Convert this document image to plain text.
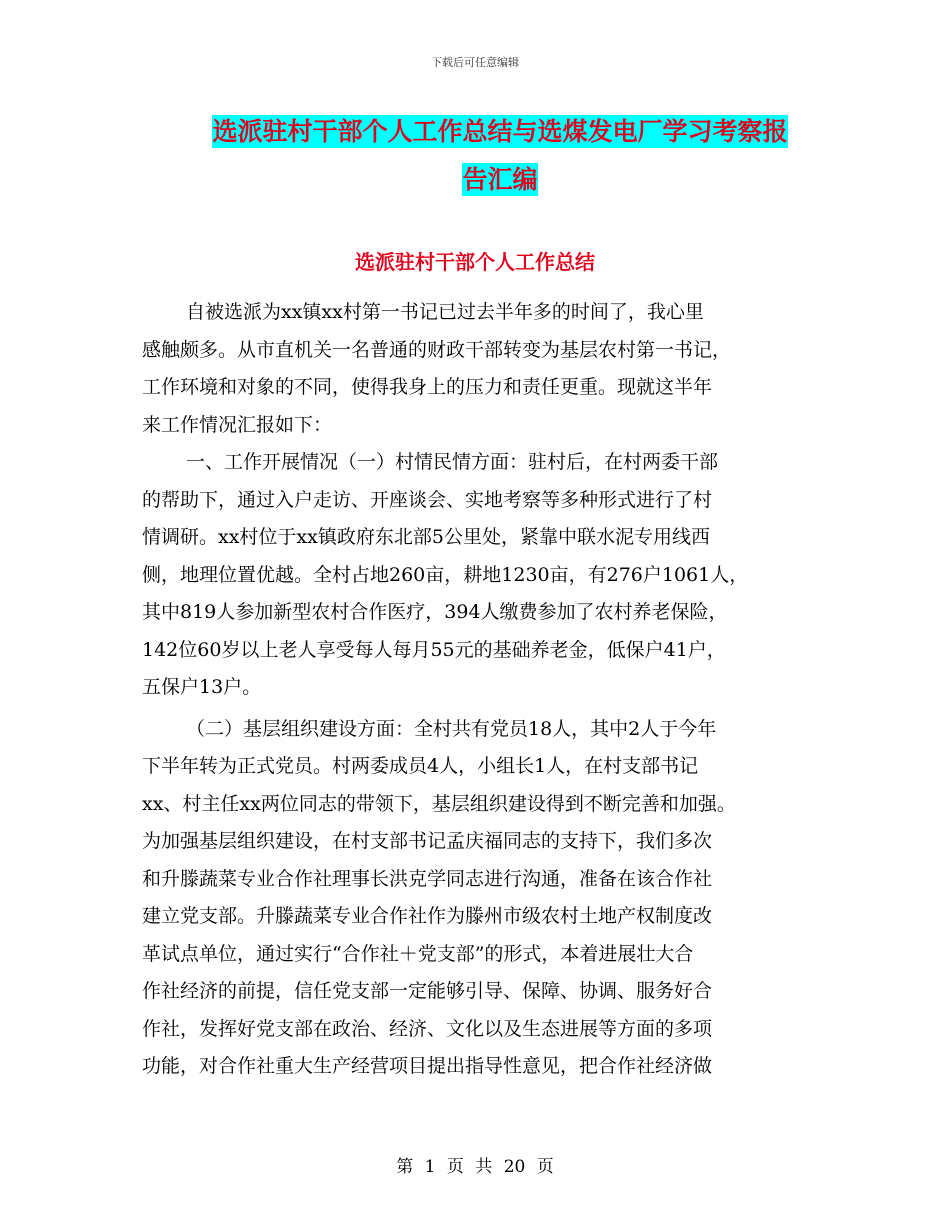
下载后可任意编辑
选派驻村干部个人工作总结与选煤发电厂学习考察报
告汇编
选派驻村干部个人工作总结
自被选派为xx镇xx村第一书记已过去半年多的时间了，我心里
感触颇多。从市直机关一名普通的财政干部转变为基层农村第一书记，
工作环境和对象的不同，使得我身上的压力和责任更重。现就这半年
来工作情况汇报如下：
一、工作开展情况（一）村情民情方面：驻村后，在村两委干部
的帮助下，通过入户走访、开座谈会、实地考察等多种形式进行了村
情调研。xx村位于xx镇政府东北部5公里处，紧靠中联水泥专用线西
侧，地理位置优越。全村占地260亩，耕地1230亩，有276户1061人，
其中819人参加新型农村合作医疗，394人缴费参加了农村养老保险，
142位60岁以上老人享受每人每月55元的基础养老金，低保户41户，
五保户13户。
（二）基层组织建设方面：全村共有党员18人，其中2人于今年
下半年转为正式党员。村两委成员4人，小组长1人，在村支部书记
xx、村主任xx两位同志的带领下，基层组织建设得到不断完善和加强。
为加强基层组织建设，在村支部书记孟庆福同志的支持下，我们多次
和升滕蔬菜专业合作社理事长洪克学同志进行沟通，准备在该合作社
建立党支部。升滕蔬菜专业合作社作为滕州市级农村土地产权制度改
革试点单位，通过实行“合作社＋党支部”的形式，本着进展壮大合
作社经济的前提，信任党支部一定能够引导、保障、协调、服务好合
作社，发挥好党支部在政治、经济、文化以及生态进展等方面的多项
功能，对合作社重大生产经营项目提出指导性意见，把合作社经济做
第 1 页 共 20 页
